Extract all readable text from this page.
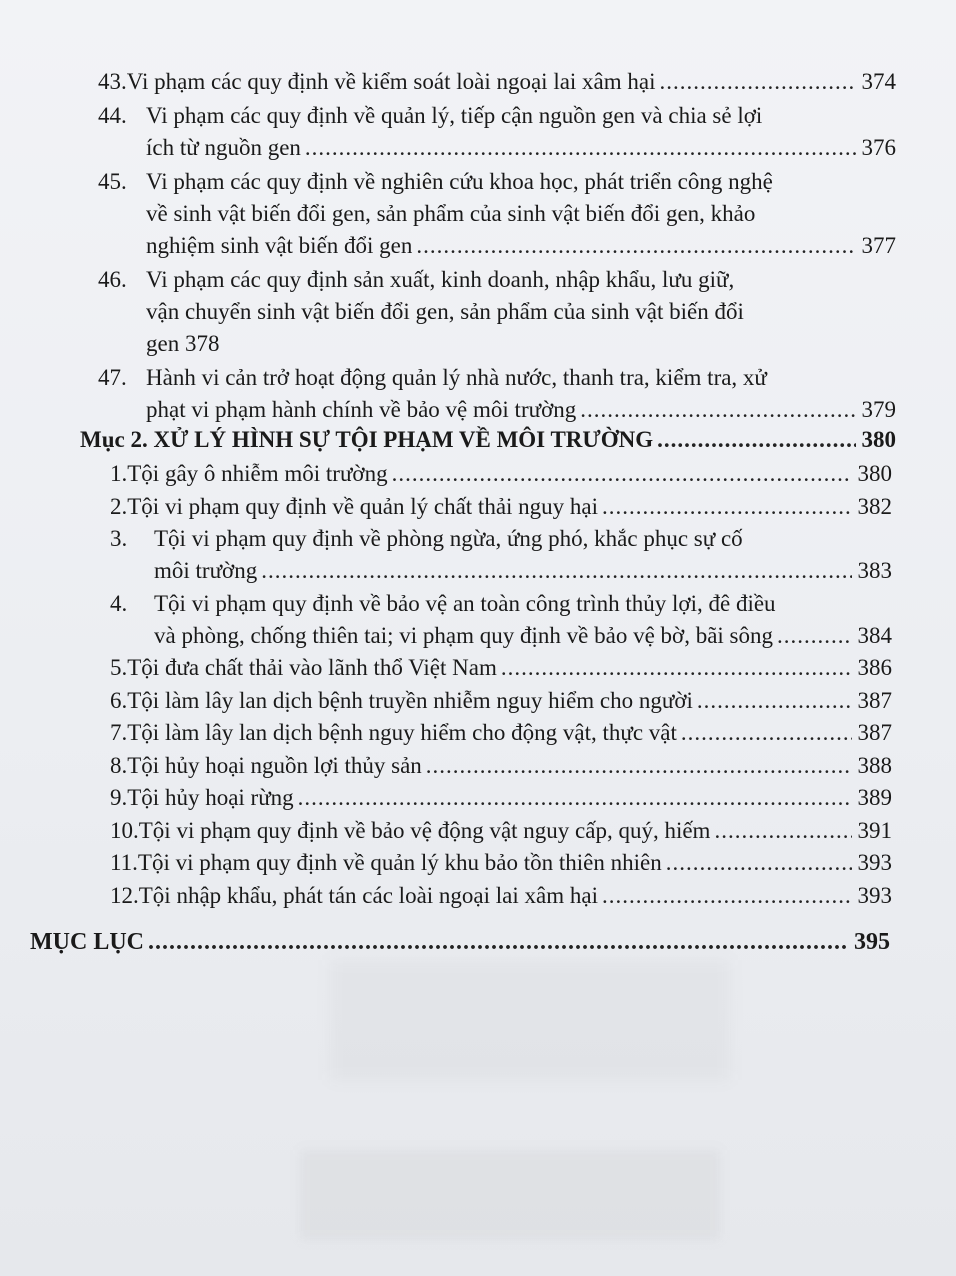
43. Vi phạm các quy định về kiểm soát loài ngoại lai xâm hại .....	374
44. Vi phạm các quy định về quản lý, tiếp cận nguồn gen và chia sẻ lợi
ích từ nguồn gen .....	376
45. Vi phạm các quy định về nghiên cứu khoa học, phát triển công nghệ
về sinh vật biến đổi gen, sản phẩm của sinh vật biến đổi gen, khảo
nghiệm sinh vật biến đổi gen .....	377
46. Vi phạm các quy định sản xuất, kinh doanh, nhập khẩu, lưu giữ,
vận chuyển sinh vật biến đổi gen, sản phẩm của sinh vật biến đổi
gen 378
47. Hành vi cản trở hoạt động quản lý nhà nước, thanh tra, kiểm tra, xử
phạt vi phạm hành chính về bảo vệ môi trường .....	379
Mục 2. XỬ LÝ HÌNH SỰ TỘI PHẠM VỀ MÔI TRƯỜNG .....	380
1. Tội gây ô nhiễm môi trường .....	380
2. Tội vi phạm quy định về quản lý chất thải nguy hại .....	382
3.	Tội vi phạm quy định về phòng ngừa, ứng phó, khắc phục sự cố
môi trường .....	383
4.	Tội vi phạm quy định về bảo vệ an toàn công trình thủy lợi, đê điều
và phòng, chống thiên tai; vi phạm quy định về bảo vệ bờ, bãi sông .....	384
5. Tội đưa chất thải vào lãnh thổ Việt Nam .....	386
6. Tội làm lây lan dịch bệnh truyền nhiễm nguy hiểm cho người .....	387
7. Tội làm lây lan dịch bệnh nguy hiểm cho động vật, thực vật .....	387
8. Tội hủy hoại nguồn lợi thủy sản .....	388
9. Tội hủy hoại rừng .....	389
10. Tội vi phạm quy định về bảo vệ động vật nguy cấp, quý, hiếm .....	391
11. Tội vi phạm quy định về quản lý khu bảo tồn thiên nhiên .....	393
12. Tội nhập khẩu, phát tán các loài ngoại lai xâm hại .....	393
MỤC LỤC .....	395
